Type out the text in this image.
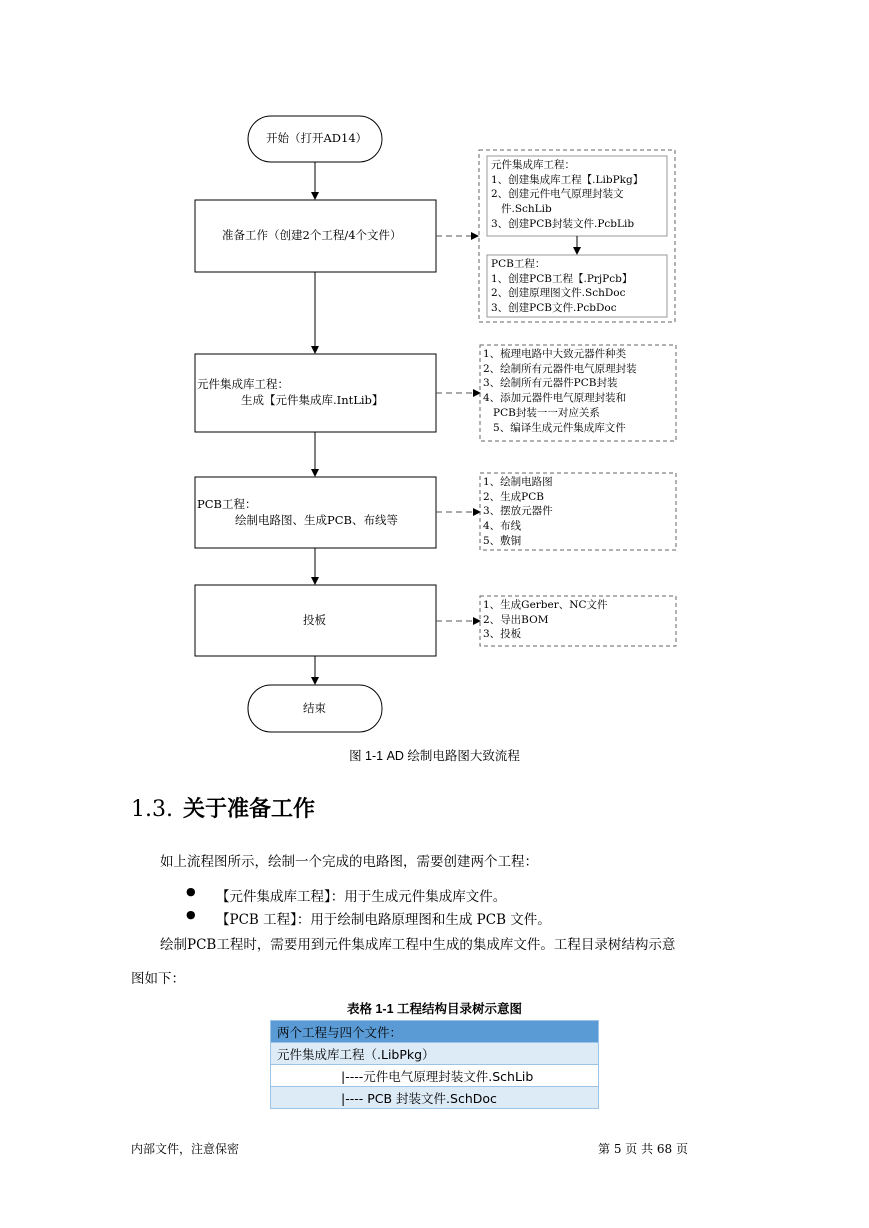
开始（打开AD14）
准备工作（创建2个工程/4个文件）
元件集成库工程：
生成【元件集成库.IntLib】
PCB工程：
绘制电路图、生成PCB、布线等
投板
结束
元件集成库工程：
1、创建集成库工程【.LibPkg】
2、创建元件电气原理封装文
件.SchLib
3、创建PCB封装文件.PcbLib
PCB工程：
1、创建PCB工程【.PrjPcb】
2、创建原理图文件.SchDoc
3、创建PCB文件.PcbDoc
1、梳理电路中大致元器件种类
2、绘制所有元器件电气原理封装
3、绘制所有元器件PCB封装
4、添加元器件电气原理封装和
PCB封装一一对应关系
5、编译生成元件集成库文件
1、绘制电路图
2、生成PCB
3、摆放元器件
4、布线
5、敷铜
1、生成Gerber、NC文件
2、导出BOM
3、投板
图 1-1 AD 绘制电路图大致流程
1.3. 关于准备工作
如上流程图所示，绘制一个完成的电路图，需要创建两个工程：
● 【元件集成库工程】：用于生成元件集成库文件。
● 【PCB 工程】：用于绘制电路原理图和生成 PCB 文件。
绘制PCB工程时，需要用到元件集成库工程中生成的集成库文件。工程目录树结构示意
图如下：
表格 1-1 工程结构目录树示意图
两个工程与四个文件：
元件集成库工程（.LibPkg）
|----元件电气原理封装文件.SchLib
|---- PCB 封装文件.SchDoc
内部文件，注意保密	第 5 页 共 68 页
